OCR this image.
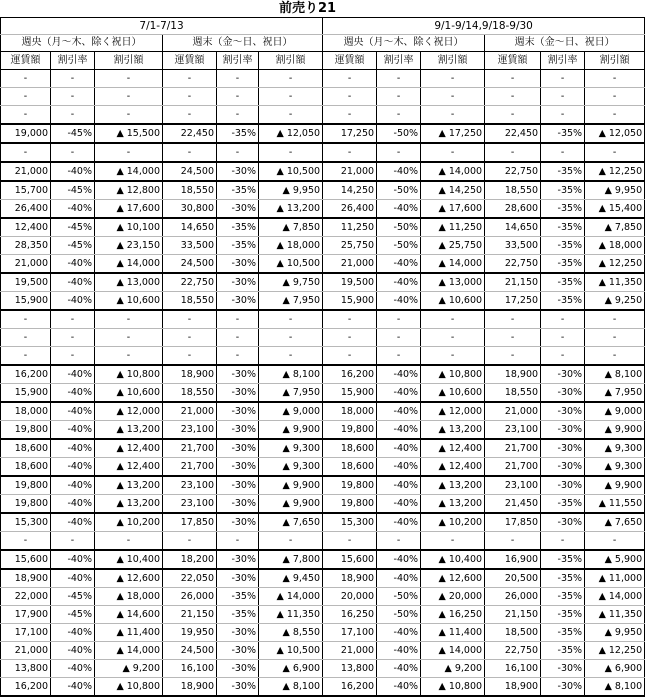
前売り21
7/1-7/13						9/1-9/14,9/18-9/30					
週央（月～木、除く祝日）			週末（金～日、祝日）			週央（月～木、除く祝日）			週末（金～日、祝日）		
運賃額	割引率	割引額	運賃額	割引率	割引額	運賃額	割引率	割引額	運賃額	割引率	割引額
-	-	-	-	-	-	-	-	-	-	-	-
-	-	-	-	-	-	-	-	-	-	-	-
-	-	-	-	-	-	-	-	-	-	-	-
19,000	-45%	▲ 15,500	22,450	-35%	▲ 12,050	17,250	-50%	▲ 17,250	22,450	-35%	▲ 12,050
-	-	-	-	-	-	-	-	-	-	-	-
21,000	-40%	▲ 14,000	24,500	-30%	▲ 10,500	21,000	-40%	▲ 14,000	22,750	-35%	▲ 12,250
15,700	-45%	▲ 12,800	18,550	-35%	▲ 9,950	14,250	-50%	▲ 14,250	18,550	-35%	▲ 9,950
26,400	-40%	▲ 17,600	30,800	-30%	▲ 13,200	26,400	-40%	▲ 17,600	28,600	-35%	▲ 15,400
12,400	-45%	▲ 10,100	14,650	-35%	▲ 7,850	11,250	-50%	▲ 11,250	14,650	-35%	▲ 7,850
28,350	-45%	▲ 23,150	33,500	-35%	▲ 18,000	25,750	-50%	▲ 25,750	33,500	-35%	▲ 18,000
21,000	-40%	▲ 14,000	24,500	-30%	▲ 10,500	21,000	-40%	▲ 14,000	22,750	-35%	▲ 12,250
19,500	-40%	▲ 13,000	22,750	-30%	▲ 9,750	19,500	-40%	▲ 13,000	21,150	-35%	▲ 11,350
15,900	-40%	▲ 10,600	18,550	-30%	▲ 7,950	15,900	-40%	▲ 10,600	17,250	-35%	▲ 9,250
-	-	-	-	-	-	-	-	-	-	-	-
-	-	-	-	-	-	-	-	-	-	-	-
-	-	-	-	-	-	-	-	-	-	-	-
16,200	-40%	▲ 10,800	18,900	-30%	▲ 8,100	16,200	-40%	▲ 10,800	18,900	-30%	▲ 8,100
15,900	-40%	▲ 10,600	18,550	-30%	▲ 7,950	15,900	-40%	▲ 10,600	18,550	-30%	▲ 7,950
18,000	-40%	▲ 12,000	21,000	-30%	▲ 9,000	18,000	-40%	▲ 12,000	21,000	-30%	▲ 9,000
19,800	-40%	▲ 13,200	23,100	-30%	▲ 9,900	19,800	-40%	▲ 13,200	23,100	-30%	▲ 9,900
18,600	-40%	▲ 12,400	21,700	-30%	▲ 9,300	18,600	-40%	▲ 12,400	21,700	-30%	▲ 9,300
18,600	-40%	▲ 12,400	21,700	-30%	▲ 9,300	18,600	-40%	▲ 12,400	21,700	-30%	▲ 9,300
19,800	-40%	▲ 13,200	23,100	-30%	▲ 9,900	19,800	-40%	▲ 13,200	23,100	-30%	▲ 9,900
19,800	-40%	▲ 13,200	23,100	-30%	▲ 9,900	19,800	-40%	▲ 13,200	21,450	-35%	▲ 11,550
15,300	-40%	▲ 10,200	17,850	-30%	▲ 7,650	15,300	-40%	▲ 10,200	17,850	-30%	▲ 7,650
-	-	-	-	-	-	-	-	-	-	-	-
15,600	-40%	▲ 10,400	18,200	-30%	▲ 7,800	15,600	-40%	▲ 10,400	16,900	-35%	▲ 5,900
18,900	-40%	▲ 12,600	22,050	-30%	▲ 9,450	18,900	-40%	▲ 12,600	20,500	-35%	▲ 11,000
22,000	-45%	▲ 18,000	26,000	-35%	▲ 14,000	20,000	-50%	▲ 20,000	26,000	-35%	▲ 14,000
17,900	-45%	▲ 14,600	21,150	-35%	▲ 11,350	16,250	-50%	▲ 16,250	21,150	-35%	▲ 11,350
17,100	-40%	▲ 11,400	19,950	-30%	▲ 8,550	17,100	-40%	▲ 11,400	18,500	-35%	▲ 9,950
21,000	-40%	▲ 14,000	24,500	-30%	▲ 10,500	21,000	-40%	▲ 14,000	22,750	-35%	▲ 12,250
13,800	-40%	▲ 9,200	16,100	-30%	▲ 6,900	13,800	-40%	▲ 9,200	16,100	-30%	▲ 6,900
16,200	-40%	▲ 10,800	18,900	-30%	▲ 8,100	16,200	-40%	▲ 10,800	18,900	-30%	▲ 8,100
